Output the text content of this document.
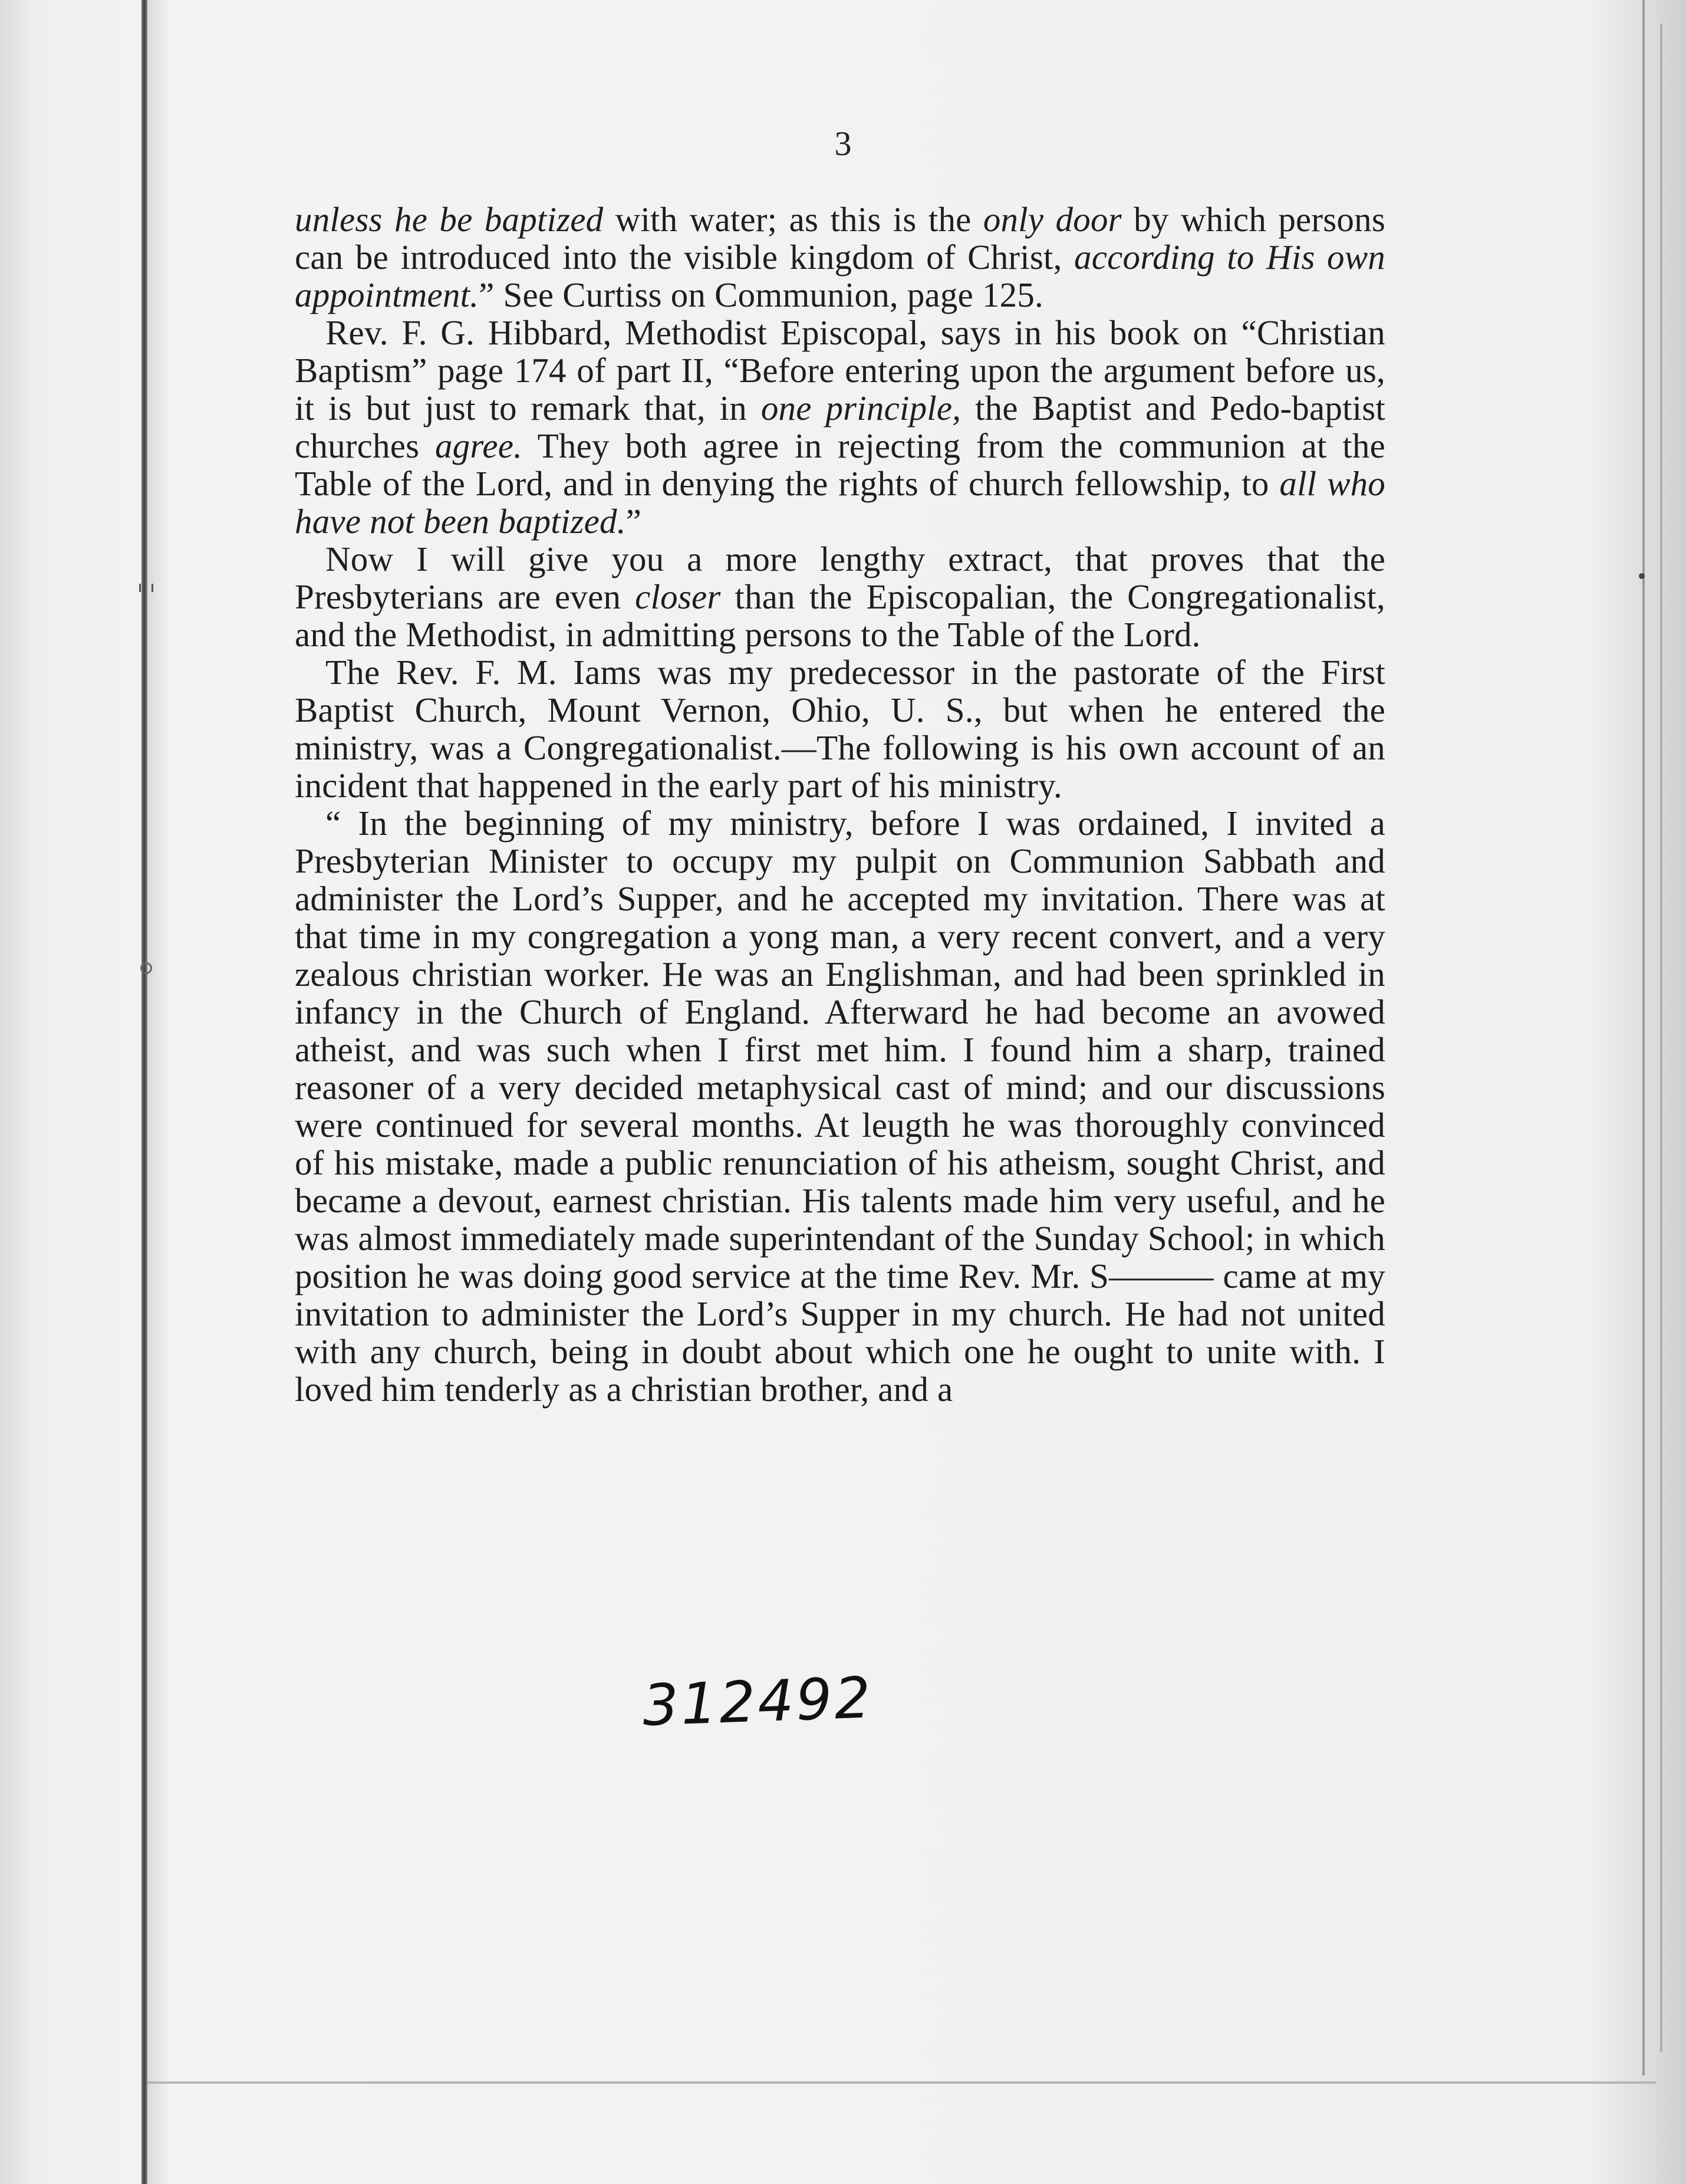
3

unless he be baptized with water; as this is the only door by which persons can be introduced into the visible kingdom of Christ, according to His own appointment.” See Curtiss on Communion, page 125.

Rev. F. G. Hibbard, Methodist Episcopal, says in his book on “Christian Baptism” page 174 of part II, “Before entering upon the argument before us, it is but just to remark that, in one principle, the Baptist and Pedo-baptist churches agree. They both agree in rejecting from the communion at the Table of the Lord, and in denying the rights of church fellowship, to all who have not been baptized.”

Now I will give you a more lengthy extract, that proves that the Presbyterians are even closer than the Episcopalian, the Congregationalist, and the Methodist, in admitting persons to the Table of the Lord.

The Rev. F. M. Iams was my predecessor in the pastorate of the First Baptist Church, Mount Vernon, Ohio, U. S., but when he entered the ministry, was a Congregationalist.—The following is his own account of an incident that happened in the early part of his ministry.

“ In the beginning of my ministry, before I was ordained, I invited a Presbyterian Minister to occupy my pulpit on Communion Sabbath and administer the Lord’s Supper, and he accepted my invitation. There was at that time in my congregation a yong man, a very recent convert, and a very zealous christian worker. He was an Englishman, and had been sprinkled in infancy in the Church of England. Afterward he had become an avowed atheist, and was such when I first met him. I found him a sharp, trained reasoner of a very decided metaphysical cast of mind; and our discussions were continued for several months. At leugth he was thoroughly convinced of his mistake, made a public renunciation of his atheism, sought Christ, and became a devout, earnest christian. His talents made him very useful, and he was almost immediately made superintendant of the Sunday School; in which position he was doing good service at the time Rev. Mr. S——— came at my invitation to administer the Lord’s Supper in my church. He had not united with any church, being in doubt about which one he ought to unite with. I loved him tenderly as a christian brother, and a

312492
